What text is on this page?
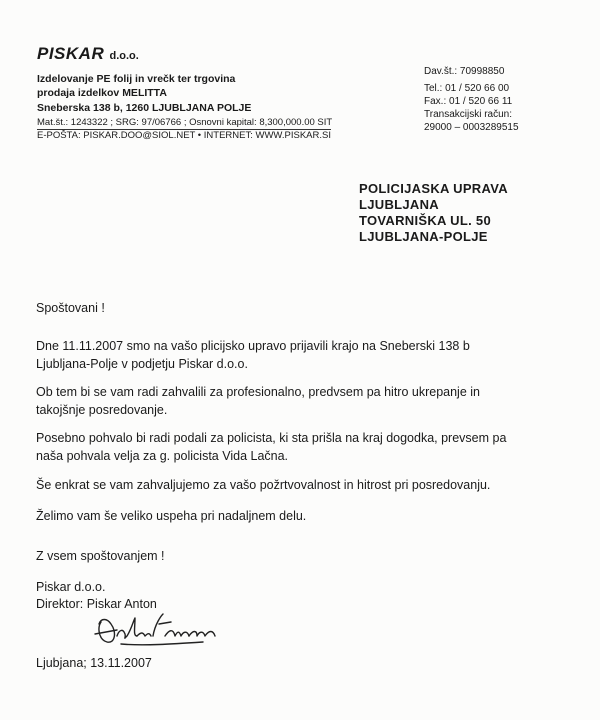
PISKAR d.o.o.
Izdelovanje PE folij in vrečk ter trgovina
prodaja izdelkov MELITTA
Sneberska 138 b, 1260 LJUBLJANA POLJE
Mat.št.: 1243322 ; SRG: 97/06766 ; Osnovni kapital: 8,300,000.00 SIT
E-POŠTA: PISKAR.DOO@SIOL.NET • INTERNET: WWW.PISKAR.SI
Dav.št.: 70998850
Tel.: 01 / 520 66 00
Fax.: 01 / 520 66 11
Transakcijski račun:
29000 – 0003289515
POLICIJASKA UPRAVA
LJUBLJANA
TOVARNIŠKA UL. 50
LJUBLJANA-POLJE
Spoštovani !
Dne 11.11.2007 smo na vašo plicijsko upravo prijavili krajo na Sneberski 138 b
Ljubljana-Polje v podjetju Piskar d.o.o.
Ob tem bi se vam radi zahvalili za profesionalno, predvsem pa hitro ukrepanje in
takojšnje posredovanje.
Posebno pohvalo bi radi podali za policista, ki sta prišla na kraj dogodka, prevsem pa
naša pohvala velja za g. policista Vida Lačna.
Še enkrat se vam zahvaljujemo za vašo požrtvovalnost in hitrost pri posredovanju.
Želimo vam še veliko uspeha pri nadaljnem delu.
Z vsem spoštovanjem !
Piskar d.o.o.
Direktor: Piskar Anton
Ljubjana; 13.11.2007
